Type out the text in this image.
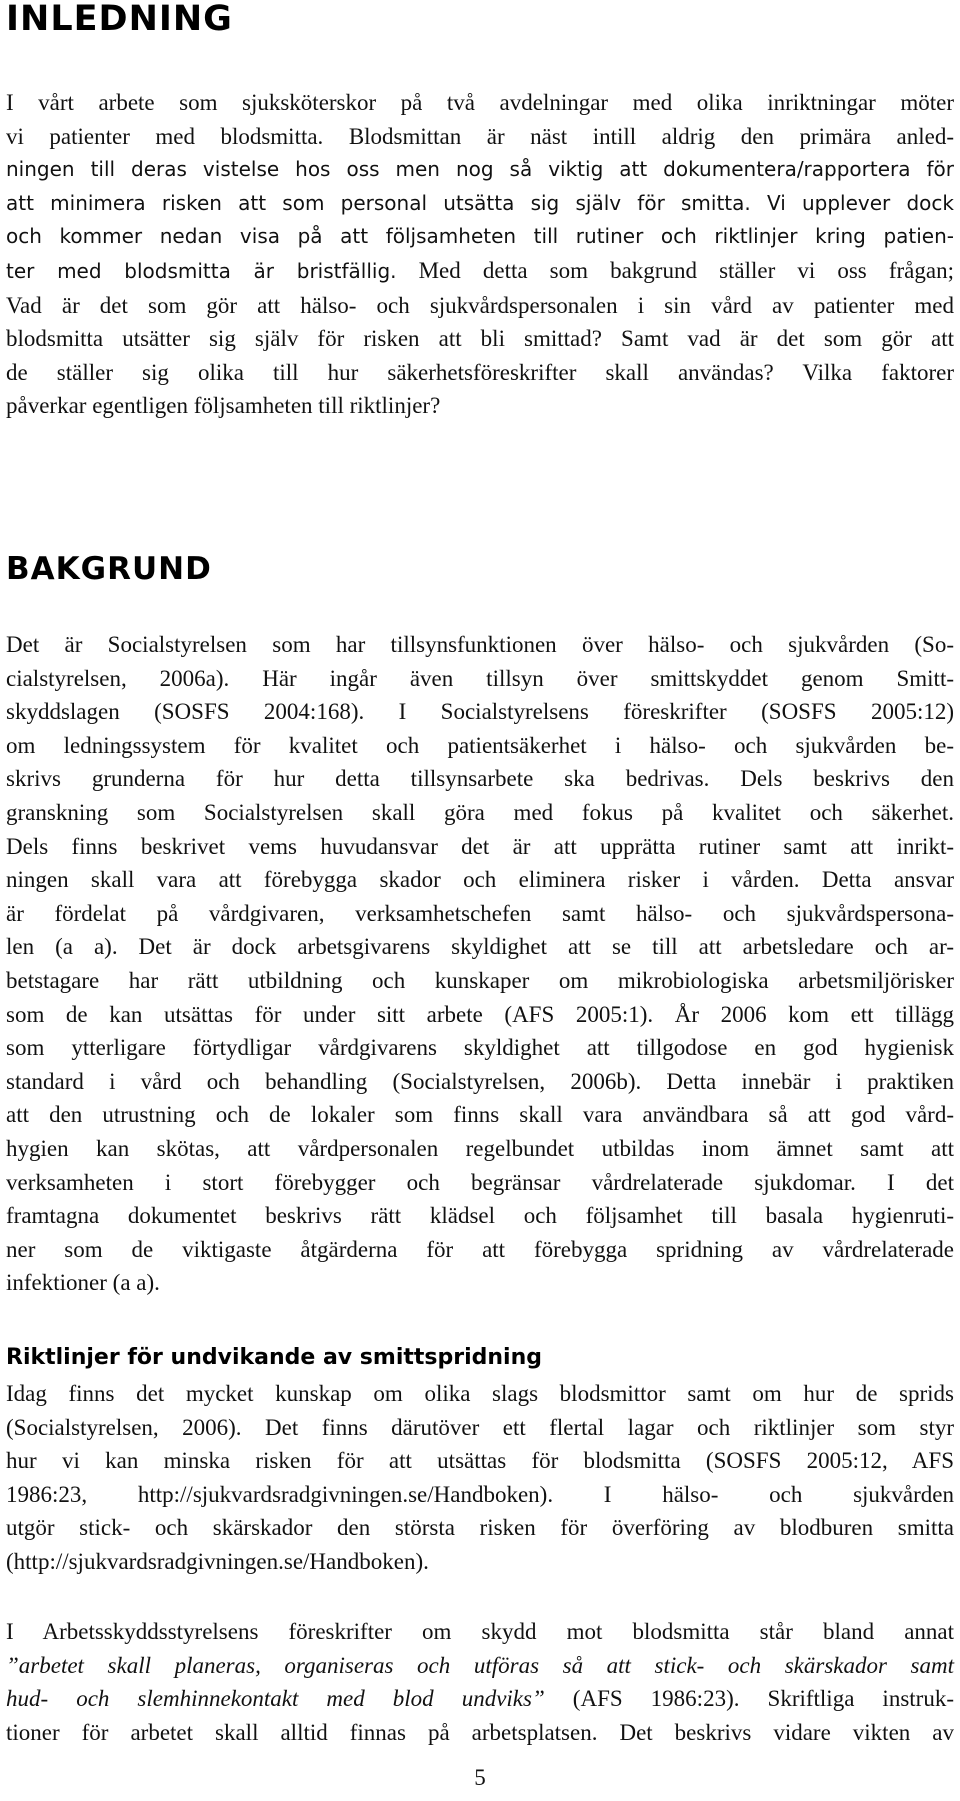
INLEDNING
I vårt arbete som sjuksköterskor på två avdelningar med olika inriktningar möter
vi patienter med blodsmitta. Blodsmittan är näst intill aldrig den primära anled-
ningen till deras vistelse hos oss men nog så viktig att dokumentera/rapportera för
att minimera risken att som personal utsätta sig själv för smitta. Vi upplever dock
och kommer nedan visa på att följsamheten till rutiner och riktlinjer kring patien-
ter med blodsmitta är bristfällig. Med detta som bakgrund ställer vi oss frågan;
Vad är det som gör att hälso- och sjukvårdspersonalen i sin vård av patienter med
blodsmitta utsätter sig själv för risken att bli smittad? Samt vad är det som gör att
de ställer sig olika till hur säkerhetsföreskrifter skall användas? Vilka faktorer
påverkar egentligen följsamheten till riktlinjer?
BAKGRUND
Det är Socialstyrelsen som har tillsynsfunktionen över hälso- och sjukvården (So-
cialstyrelsen, 2006a). Här ingår även tillsyn över smittskyddet genom Smitt-
skyddslagen (SOSFS 2004:168). I Socialstyrelsens föreskrifter (SOSFS 2005:12)
om ledningssystem för kvalitet och patientsäkerhet i hälso- och sjukvården be-
skrivs grunderna för hur detta tillsynsarbete ska bedrivas. Dels beskrivs den
granskning som Socialstyrelsen skall göra med fokus på kvalitet och säkerhet.
Dels finns beskrivet vems huvudansvar det är att upprätta rutiner samt att inrikt-
ningen skall vara att förebygga skador och eliminera risker i vården. Detta ansvar
är fördelat på vårdgivaren, verksamhetschefen samt hälso- och sjukvårdspersona-
len (a a). Det är dock arbetsgivarens skyldighet att se till att arbetsledare och ar-
betstagare har rätt utbildning och kunskaper om mikrobiologiska arbetsmiljörisker
som de kan utsättas för under sitt arbete (AFS 2005:1). År 2006 kom ett tillägg
som ytterligare förtydligar vårdgivarens skyldighet att tillgodose en god hygienisk
standard i vård och behandling (Socialstyrelsen, 2006b). Detta innebär i praktiken
att den utrustning och de lokaler som finns skall vara användbara så att god vård-
hygien kan skötas, att vårdpersonalen regelbundet utbildas inom ämnet samt att
verksamheten i stort förebygger och begränsar vårdrelaterade sjukdomar. I det
framtagna dokumentet beskrivs rätt klädsel och följsamhet till basala hygienruti-
ner som de viktigaste åtgärderna för att förebygga spridning av vårdrelaterade
infektioner (a a).
Riktlinjer för undvikande av smittspridning
Idag finns det mycket kunskap om olika slags blodsmittor samt om hur de sprids
(Socialstyrelsen, 2006). Det finns därutöver ett flertal lagar och riktlinjer som styr
hur vi kan minska risken för att utsättas för blodsmitta (SOSFS 2005:12, AFS
1986:23, http://sjukvardsradgivningen.se/Handboken). I hälso- och sjukvården
utgör stick- och skärskador den största risken för överföring av blodburen smitta
(http://sjukvardsradgivningen.se/Handboken).
I Arbetsskyddsstyrelsens föreskrifter om skydd mot blodsmitta står bland annat
”arbetet skall planeras, organiseras och utföras så att stick- och skärskador samt
hud- och slemhinnekontakt med blod undviks” (AFS 1986:23). Skriftliga instruk-
tioner för arbetet skall alltid finnas på arbetsplatsen. Det beskrivs vidare vikten av
5
